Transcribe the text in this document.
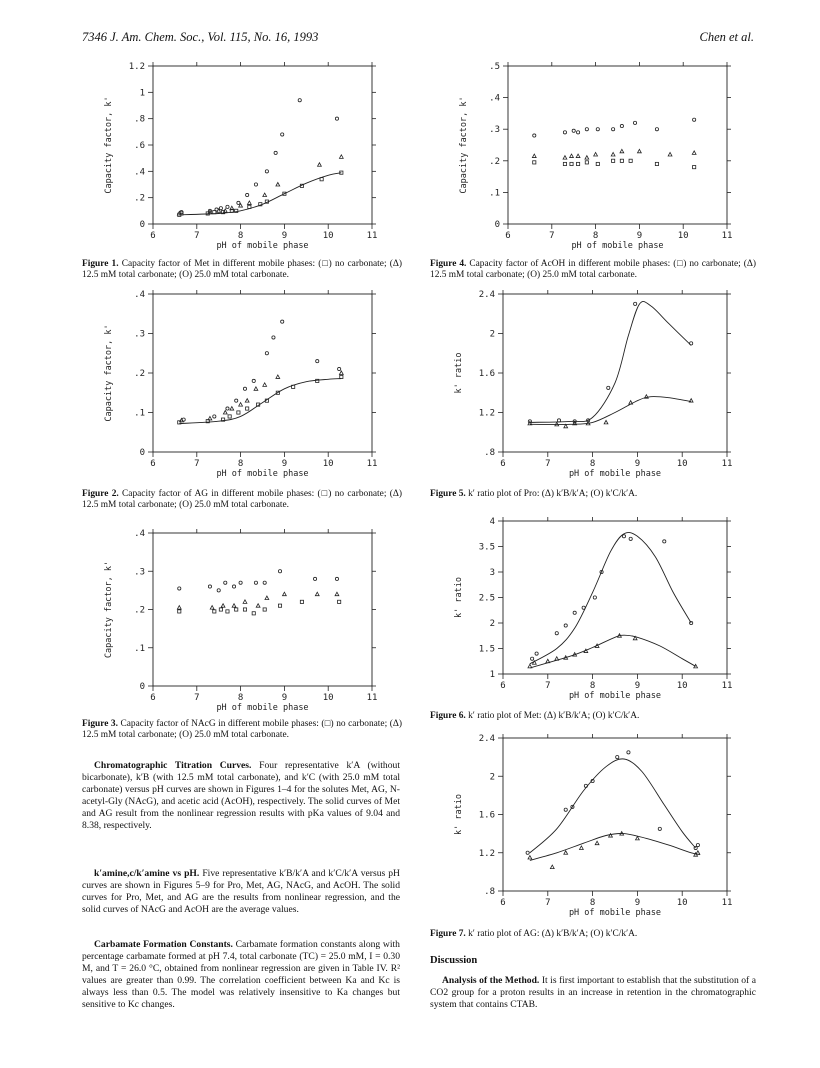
7346 J. Am. Chem. Soc., Vol. 115, No. 16, 1993	Chen et al.
6	7	8	9	10	11
0
.2
.4
.6
.8
1
1.2
pH of mobile phase
Capacity factor, k'
6	7	8	9	10	11
0
.1
.2
.3
.4
pH of mobile phase
Capacity factor, k'
6	7	8	9	10	11
0
.1
.2
.3
.4
pH of mobile phase
Capacity factor, k'
6	7	8	9	10	11
0
.1
.2
.3
.4
.5
pH of mobile phase
Capacity factor, k'
6	7	8	9	10	11
.8
1.2
1.6
2
2.4
pH of mobile phase
k' ratio
6	7	8	9	10	11
1
1.5
2
2.5
3
3.5
4
pH of mobile phase
k' ratio
6	7	8	9	10	11
.8
1.2
1.6
2
2.4
pH of mobile phase
k' ratio
Figure 1. Capacity factor of Met in different mobile phases: (□) no carbonate; (Δ) 12.5 mM total carbonate; (O) 25.0 mM total carbonate.
Figure 2. Capacity factor of AG in different mobile phases: (□) no carbonate; (Δ) 12.5 mM total carbonate; (O) 25.0 mM total carbonate.
Figure 3. Capacity factor of NAcG in different mobile phases: (□) no carbonate; (Δ) 12.5 mM total carbonate; (O) 25.0 mM total carbonate.
Figure 4. Capacity factor of AcOH in different mobile phases: (□) no carbonate; (Δ) 12.5 mM total carbonate; (O) 25.0 mM total carbonate.
Figure 5. k′ ratio plot of Pro: (Δ) k′B/k′A; (O) k′C/k′A.
Figure 6. k′ ratio plot of Met: (Δ) k′B/k′A; (O) k′C/k′A.
Figure 7. k′ ratio plot of AG: (Δ) k′B/k′A; (O) k′C/k′A.
Chromatographic Titration Curves. Four representative k′A (without bicarbonate), k′B (with 12.5 mM total carbonate), and k′C (with 25.0 mM total carbonate) versus pH curves are shown in Figures 1–4 for the solutes Met, AG, N-acetyl-Gly (NAcG), and acetic acid (AcOH), respectively. The solid curves of Met and AG result from the nonlinear regression results with pKa values of 9.04 and 8.38, respectively.
k′amine,c/k′amine vs pH. Five representative k′B/k′A and k′C/k′A versus pH curves are shown in Figures 5–9 for Pro, Met, AG, NAcG, and AcOH. The solid curves for Pro, Met, and AG are the results from nonlinear regression, and the solid curves of NAcG and AcOH are the average values.
Carbamate Formation Constants. Carbamate formation constants along with percentage carbamate formed at pH 7.4, total carbonate (TC) = 25.0 mM, I = 0.30 M, and T = 26.0 °C, obtained from nonlinear regression are given in Table IV. R² values are greater than 0.99. The correlation coefficient between Ka and Kc is always less than 0.5. The model was relatively insensitive to Ka changes but sensitive to Kc changes.
Discussion
Analysis of the Method. It is first important to establish that the substitution of a CO2 group for a proton results in an increase in retention in the chromatographic system that contains CTAB.
